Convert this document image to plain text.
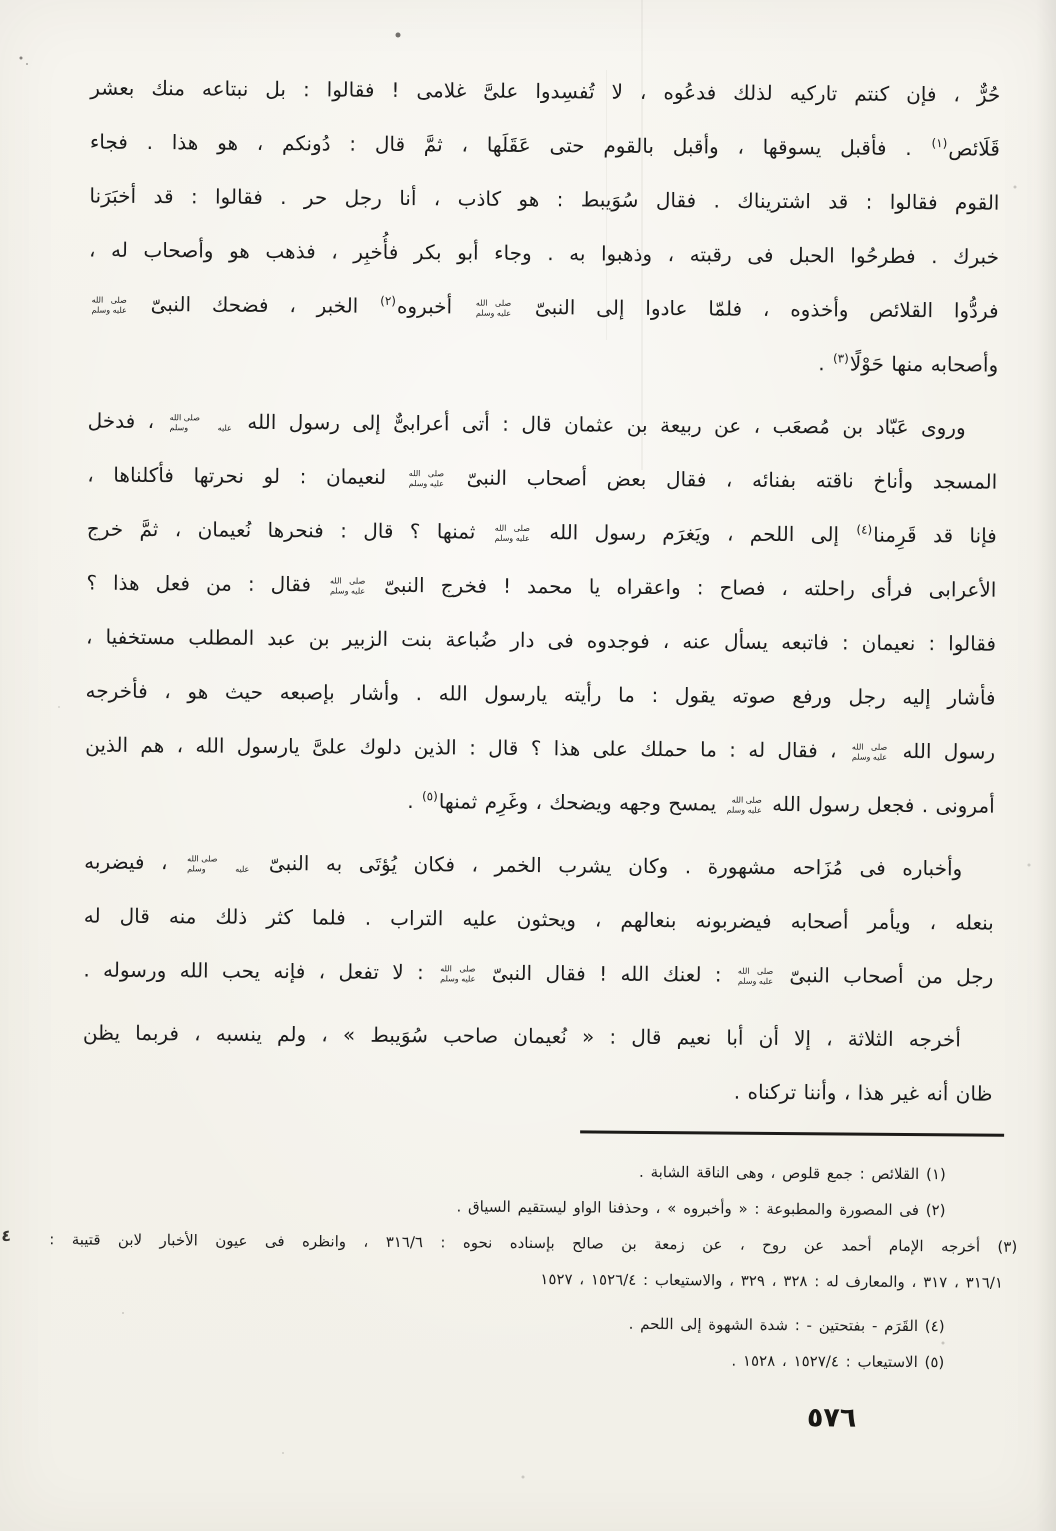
حُرٌّ ، فإن كنتم تاركيه لذلك فدعُوه ، لا تُفسِدوا علىَّ غلامى ! فقالوا : بل نبتاعه منك بعشر
قَلَائص$^{(١)}$ . فأقبل يسوقها ، وأقبل بالقوم حتى عَقَلَها ، ثمَّ قال : دُونكم ، هو هذا . فجاء
القوم فقالوا : قد اشتريناك . فقال سُوَيبط : هو كاذب ، أنا رجل حر . فقالوا : قد أخبَرَنا
خبرك . فطرحُوا الحبل فى رقبته ، وذهبوا به . وجاء أبو بكر فأُخبِر ، فذهب هو وأصحاب له ،
فردُّوا القلائص وأخذوه ، فلمّا عادوا إلى النبىّ صلى الله
عليه وسلم أخبروه$^{(٢)}$ الخبر ، فضحك النبىّ صلى الله
عليه وسلم
وأصحابه منها حَوْلًا$^{(٣)}$ .
وروى عَبّاد بن مُصعَب ، عن ربيعة بن عثمان قال : أتى أعرابىٌّ إلى رسول الله صلى الله
عليه وسلم ، فدخل
المسجد وأناخ ناقته بفنائه ، فقال بعض أصحاب النبىّ صلى الله
عليه وسلم لنعيمان : لو نحرتها فأكلناها ،
فإنا قد قَرِمنا$^{(٤)}$ إلى اللحم ، ويَغرَم رسول الله صلى الله
عليه وسلم ثمنها ؟ قال : فنحرها نُعيمان ، ثمَّ خرج
الأعرابى فرأى راحلته ، فصاح : واعقراه يا محمد ! فخرج النبىّ صلى الله
عليه وسلم فقال : من فعل هذا ؟
فقالوا : نعيمان : فاتبعه يسأل عنه ، فوجدوه فى دار ضُباعة بنت الزبير بن عبد المطلب مستخفيا ،
فأشار إليه رجل ورفع صوته يقول : ما رأيته يارسول الله . وأشار بإصبعه حيث هو ، فأخرجه
رسول الله صلى الله
عليه وسلم ، فقال له : ما حملك على هذا ؟ قال : الذين دلوك علىَّ يارسول الله ، هم الذين
أمرونى . فجعل رسول الله صلى الله
عليه وسلم يمسح وجهه ويضحك ، وغَرِم ثمنها$^{(٥)}$ .
وأخباره فى مُزَاحه مشهورة . وكان يشرب الخمر ، فكان يُؤتَى به النبىّ صلى الله
عليه وسلم ، فيضربه
بنعله ، ويأمر أصحابه فيضربونه بنعالهم ، ويحثون عليه التراب . فلما كثر ذلك منه قال له
رجل من أصحاب النبىّ صلى الله
عليه وسلم : لعنك الله ! فقال النبىّ صلى الله
عليه وسلم : لا تفعل ، فإنه يحب الله ورسوله .
أخرجه الثلاثة ، إلا أن أبا نعيم قال : « نُعيمان صاحب سُوَيبط » ، ولم ينسبه ، فربما يظن
ظان أنه غير هذا ، وأننا تركناه .
(١) القلائص : جمع قلوص ، وهى الناقة الشابة .
(٢) فى المصورة والمطبوعة : « وأخبروه » ، وحذفنا الواو ليستقيم السياق .
(٣) أخرجه الإمام أحمد عن روح ، عن زمعة بن صالح بإسناده نحوه : ٣١٦/٦ ، وانظره فى عيون الأخبار لابن قتيبة :
٣١٦/١ ، ٣١٧ ، والمعارف له : ٣٢٨ ، ٣٢٩ ، والاستيعاب : ١٥٢٦/٤ ، ١٥٢٧
(٤) القَرَم - بفتحتين - : شدة الشهوة إلى اللحم .
(٥) الاستيعاب : ١٥٢٧/٤ ، ١٥٢٨ .
٤
٥٧٦
